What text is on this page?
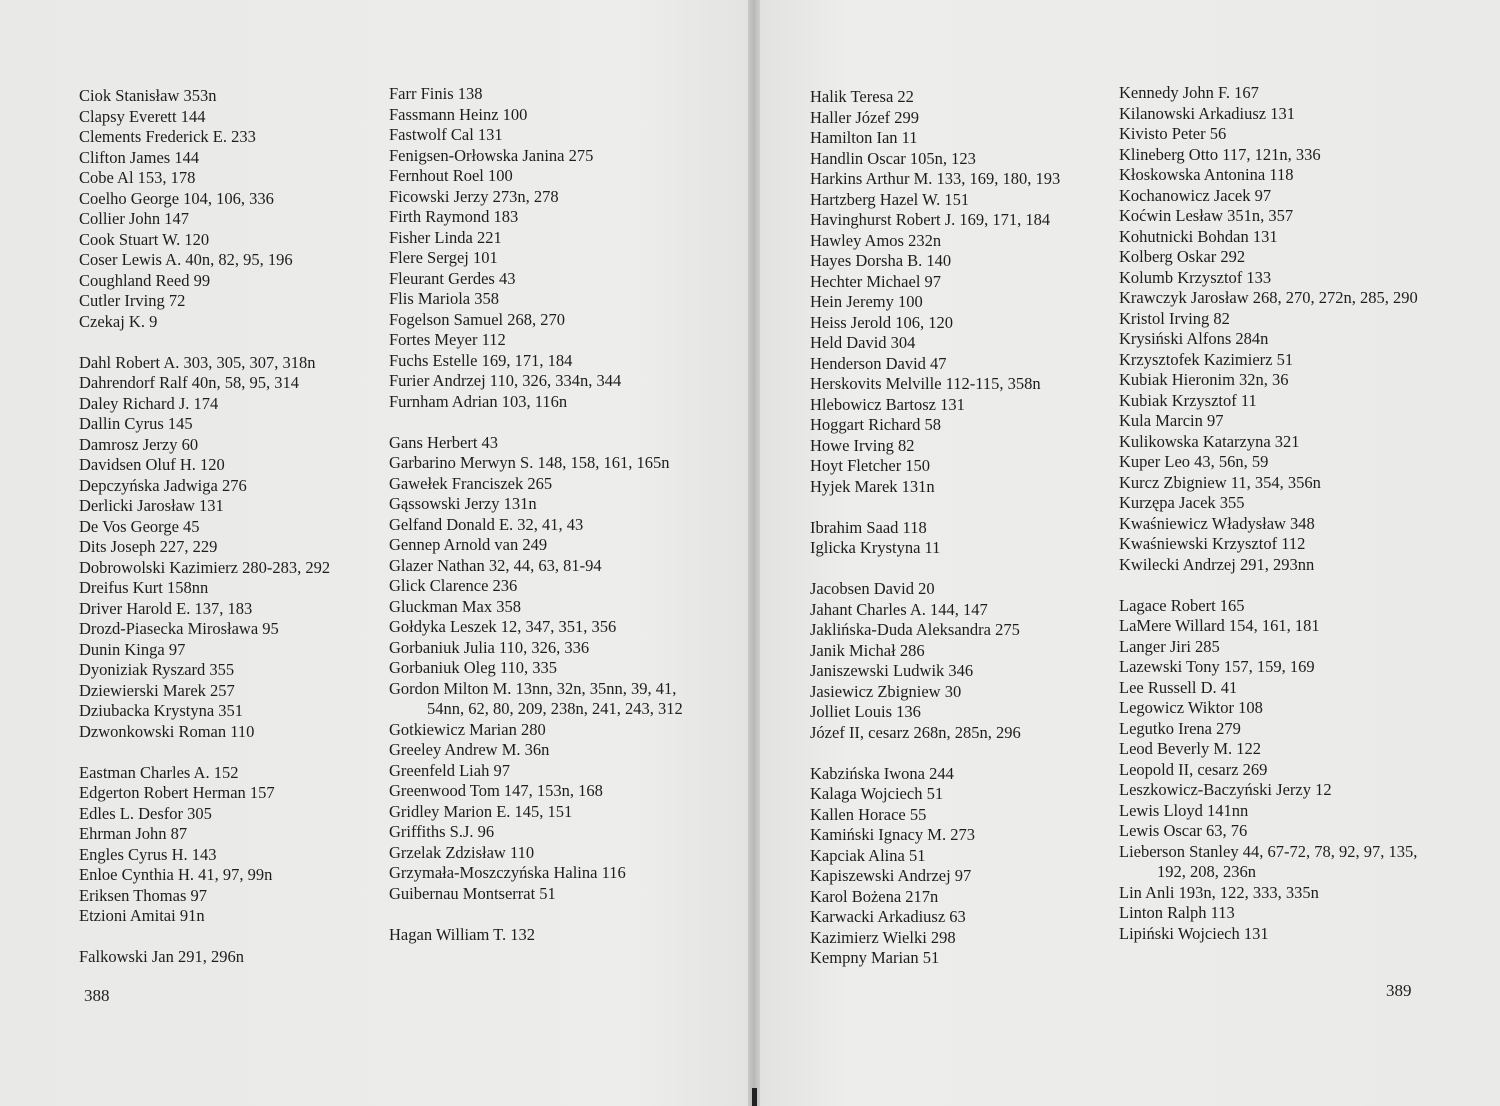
Ciok Stanisław 353n
Clapsy Everett 144
Clements Frederick E. 233
Clifton James 144
Cobe Al 153, 178
Coelho George 104, 106, 336
Collier John 147
Cook Stuart W. 120
Coser Lewis A. 40n, 82, 95, 196
Coughland Reed 99
Cutler Irving 72
Czekaj K. 9
Dahl Robert A. 303, 305, 307, 318n
Dahrendorf Ralf 40n, 58, 95, 314
Daley Richard J. 174
Dallin Cyrus 145
Damrosz Jerzy 60
Davidsen Oluf H. 120
Depczyńska Jadwiga 276
Derlicki Jarosław 131
De Vos George 45
Dits Joseph 227, 229
Dobrowolski Kazimierz 280-283, 292
Dreifus Kurt 158nn
Driver Harold E. 137, 183
Drozd-Piasecka Mirosława 95
Dunin Kinga 97
Dyoniziak Ryszard 355
Dziewierski Marek 257
Dziubacka Krystyna 351
Dzwonkowski Roman 110
Eastman Charles A. 152
Edgerton Robert Herman 157
Edles L. Desfor 305
Ehrman John 87
Engles Cyrus H. 143
Enloe Cynthia H. 41, 97, 99n
Eriksen Thomas 97
Etzioni Amitai 91n
Falkowski Jan 291, 296n
Farr Finis 138
Fassmann Heinz 100
Fastwolf Cal 131
Fenigsen-Orłowska Janina 275
Fernhout Roel 100
Ficowski Jerzy 273n, 278
Firth Raymond 183
Fisher Linda 221
Flere Sergej 101
Fleurant Gerdes 43
Flis Mariola 358
Fogelson Samuel 268, 270
Fortes Meyer 112
Fuchs Estelle 169, 171, 184
Furier Andrzej 110, 326, 334n, 344
Furnham Adrian 103, 116n
Gans Herbert 43
Garbarino Merwyn S. 148, 158, 161, 165n
Gawełek Franciszek 265
Gąssowski Jerzy 131n
Gelfand Donald E. 32, 41, 43
Gennep Arnold van 249
Glazer Nathan 32, 44, 63, 81-94
Glick Clarence 236
Gluckman Max 358
Gołdyka Leszek 12, 347, 351, 356
Gorbaniuk Julia 110, 326, 336
Gorbaniuk Oleg 110, 335
Gordon Milton M. 13nn, 32n, 35nn, 39, 41, 54nn, 62, 80, 209, 238n, 241, 243, 312
Gotkiewicz Marian 280
Greeley Andrew M. 36n
Greenfeld Liah 97
Greenwood Tom 147, 153n, 168
Gridley Marion E. 145, 151
Griffiths S.J. 96
Grzelak Zdzisław 110
Grzymała-Moszczyńska Halina 116
Guibernau Montserrat 51
Hagan William T. 132
388
Halik Teresa 22
Haller Józef 299
Hamilton Ian 11
Handlin Oscar 105n, 123
Harkins Arthur M. 133, 169, 180, 193
Hartzberg Hazel W. 151
Havinghurst Robert J. 169, 171, 184
Hawley Amos 232n
Hayes Dorsha B. 140
Hechter Michael 97
Hein Jeremy 100
Heiss Jerold 106, 120
Held David 304
Henderson David 47
Herskovits Melville 112-115, 358n
Hlebowicz Bartosz 131
Hoggart Richard 58
Howe Irving 82
Hoyt Fletcher 150
Hyjek Marek 131n
Ibrahim Saad 118
Iglicka Krystyna 11
Jacobsen David 20
Jahant Charles A. 144, 147
Jaklińska-Duda Aleksandra 275
Janik Michał 286
Janiszewski Ludwik 346
Jasiewicz Zbigniew 30
Jolliet Louis 136
Józef II, cesarz 268n, 285n, 296
Kabzińska Iwona 244
Kalaga Wojciech 51
Kallen Horace 55
Kamiński Ignacy M. 273
Kapciak Alina 51
Kapiszewski Andrzej 97
Karol Bożena 217n
Karwacki Arkadiusz 63
Kazimierz Wielki 298
Kempny Marian 51
Kennedy John F. 167
Kilanowski Arkadiusz 131
Kivisto Peter 56
Klineberg Otto 117, 121n, 336
Kłoskowska Antonina 118
Kochanowicz Jacek 97
Koćwin Lesław 351n, 357
Kohutnicki Bohdan 131
Kolberg Oskar 292
Kolumb Krzysztof 133
Krawczyk Jarosław 268, 270, 272n, 285, 290
Kristol Irving 82
Krysiński Alfons 284n
Krzysztofek Kazimierz 51
Kubiak Hieronim 32n, 36
Kubiak Krzysztof 11
Kula Marcin 97
Kulikowska Katarzyna 321
Kuper Leo 43, 56n, 59
Kurcz Zbigniew 11, 354, 356n
Kurzępa Jacek 355
Kwaśniewicz Władysław 348
Kwaśniewski Krzysztof 112
Kwilecki Andrzej 291, 293nn
Lagace Robert 165
LaMere Willard 154, 161, 181
Langer Jiri 285
Lazewski Tony 157, 159, 169
Lee Russell D. 41
Legowicz Wiktor 108
Legutko Irena 279
Leod Beverly M. 122
Leopold II, cesarz 269
Leszkowicz-Baczyński Jerzy 12
Lewis Lloyd 141nn
Lewis Oscar 63, 76
Lieberson Stanley 44, 67-72, 78, 92, 97, 135, 192, 208, 236n
Lin Anli 193n, 122, 333, 335n
Linton Ralph 113
Lipiński Wojciech 131
389
